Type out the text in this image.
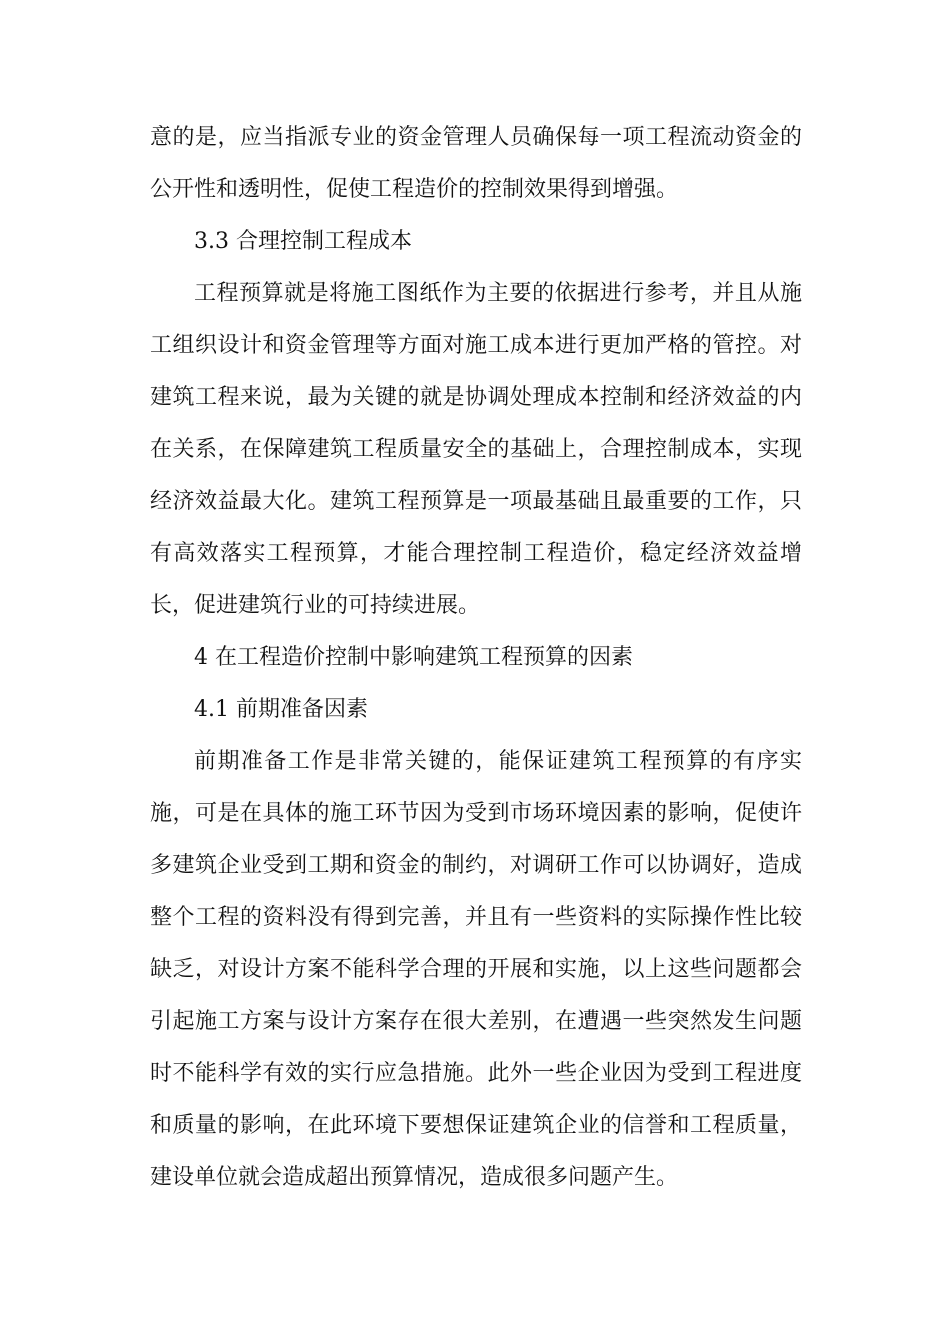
意的是，应当指派专业的资金管理人员确保每一项工程流动资金的
公开性和透明性，促使工程造价的控制效果得到增强。
3.3 合理控制工程成本
工程预算就是将施工图纸作为主要的依据进行参考，并且从施
工组织设计和资金管理等方面对施工成本进行更加严格的管控。对
建筑工程来说，最为关键的就是协调处理成本控制和经济效益的内
在关系，在保障建筑工程质量安全的基础上，合理控制成本，实现
经济效益最大化。建筑工程预算是一项最基础且最重要的工作，只
有高效落实工程预算，才能合理控制工程造价，稳定经济效益增
长，促进建筑行业的可持续进展。
4 在工程造价控制中影响建筑工程预算的因素
4.1 前期准备因素
前期准备工作是非常关键的，能保证建筑工程预算的有序实
施，可是在具体的施工环节因为受到市场环境因素的影响，促使许
多建筑企业受到工期和资金的制约，对调研工作可以协调好，造成
整个工程的资料没有得到完善，并且有一些资料的实际操作性比较
缺乏，对设计方案不能科学合理的开展和实施，以上这些问题都会
引起施工方案与设计方案存在很大差别，在遭遇一些突然发生问题
时不能科学有效的实行应急措施。此外一些企业因为受到工程进度
和质量的影响，在此环境下要想保证建筑企业的信誉和工程质量，
建设单位就会造成超出预算情况，造成很多问题产生。
